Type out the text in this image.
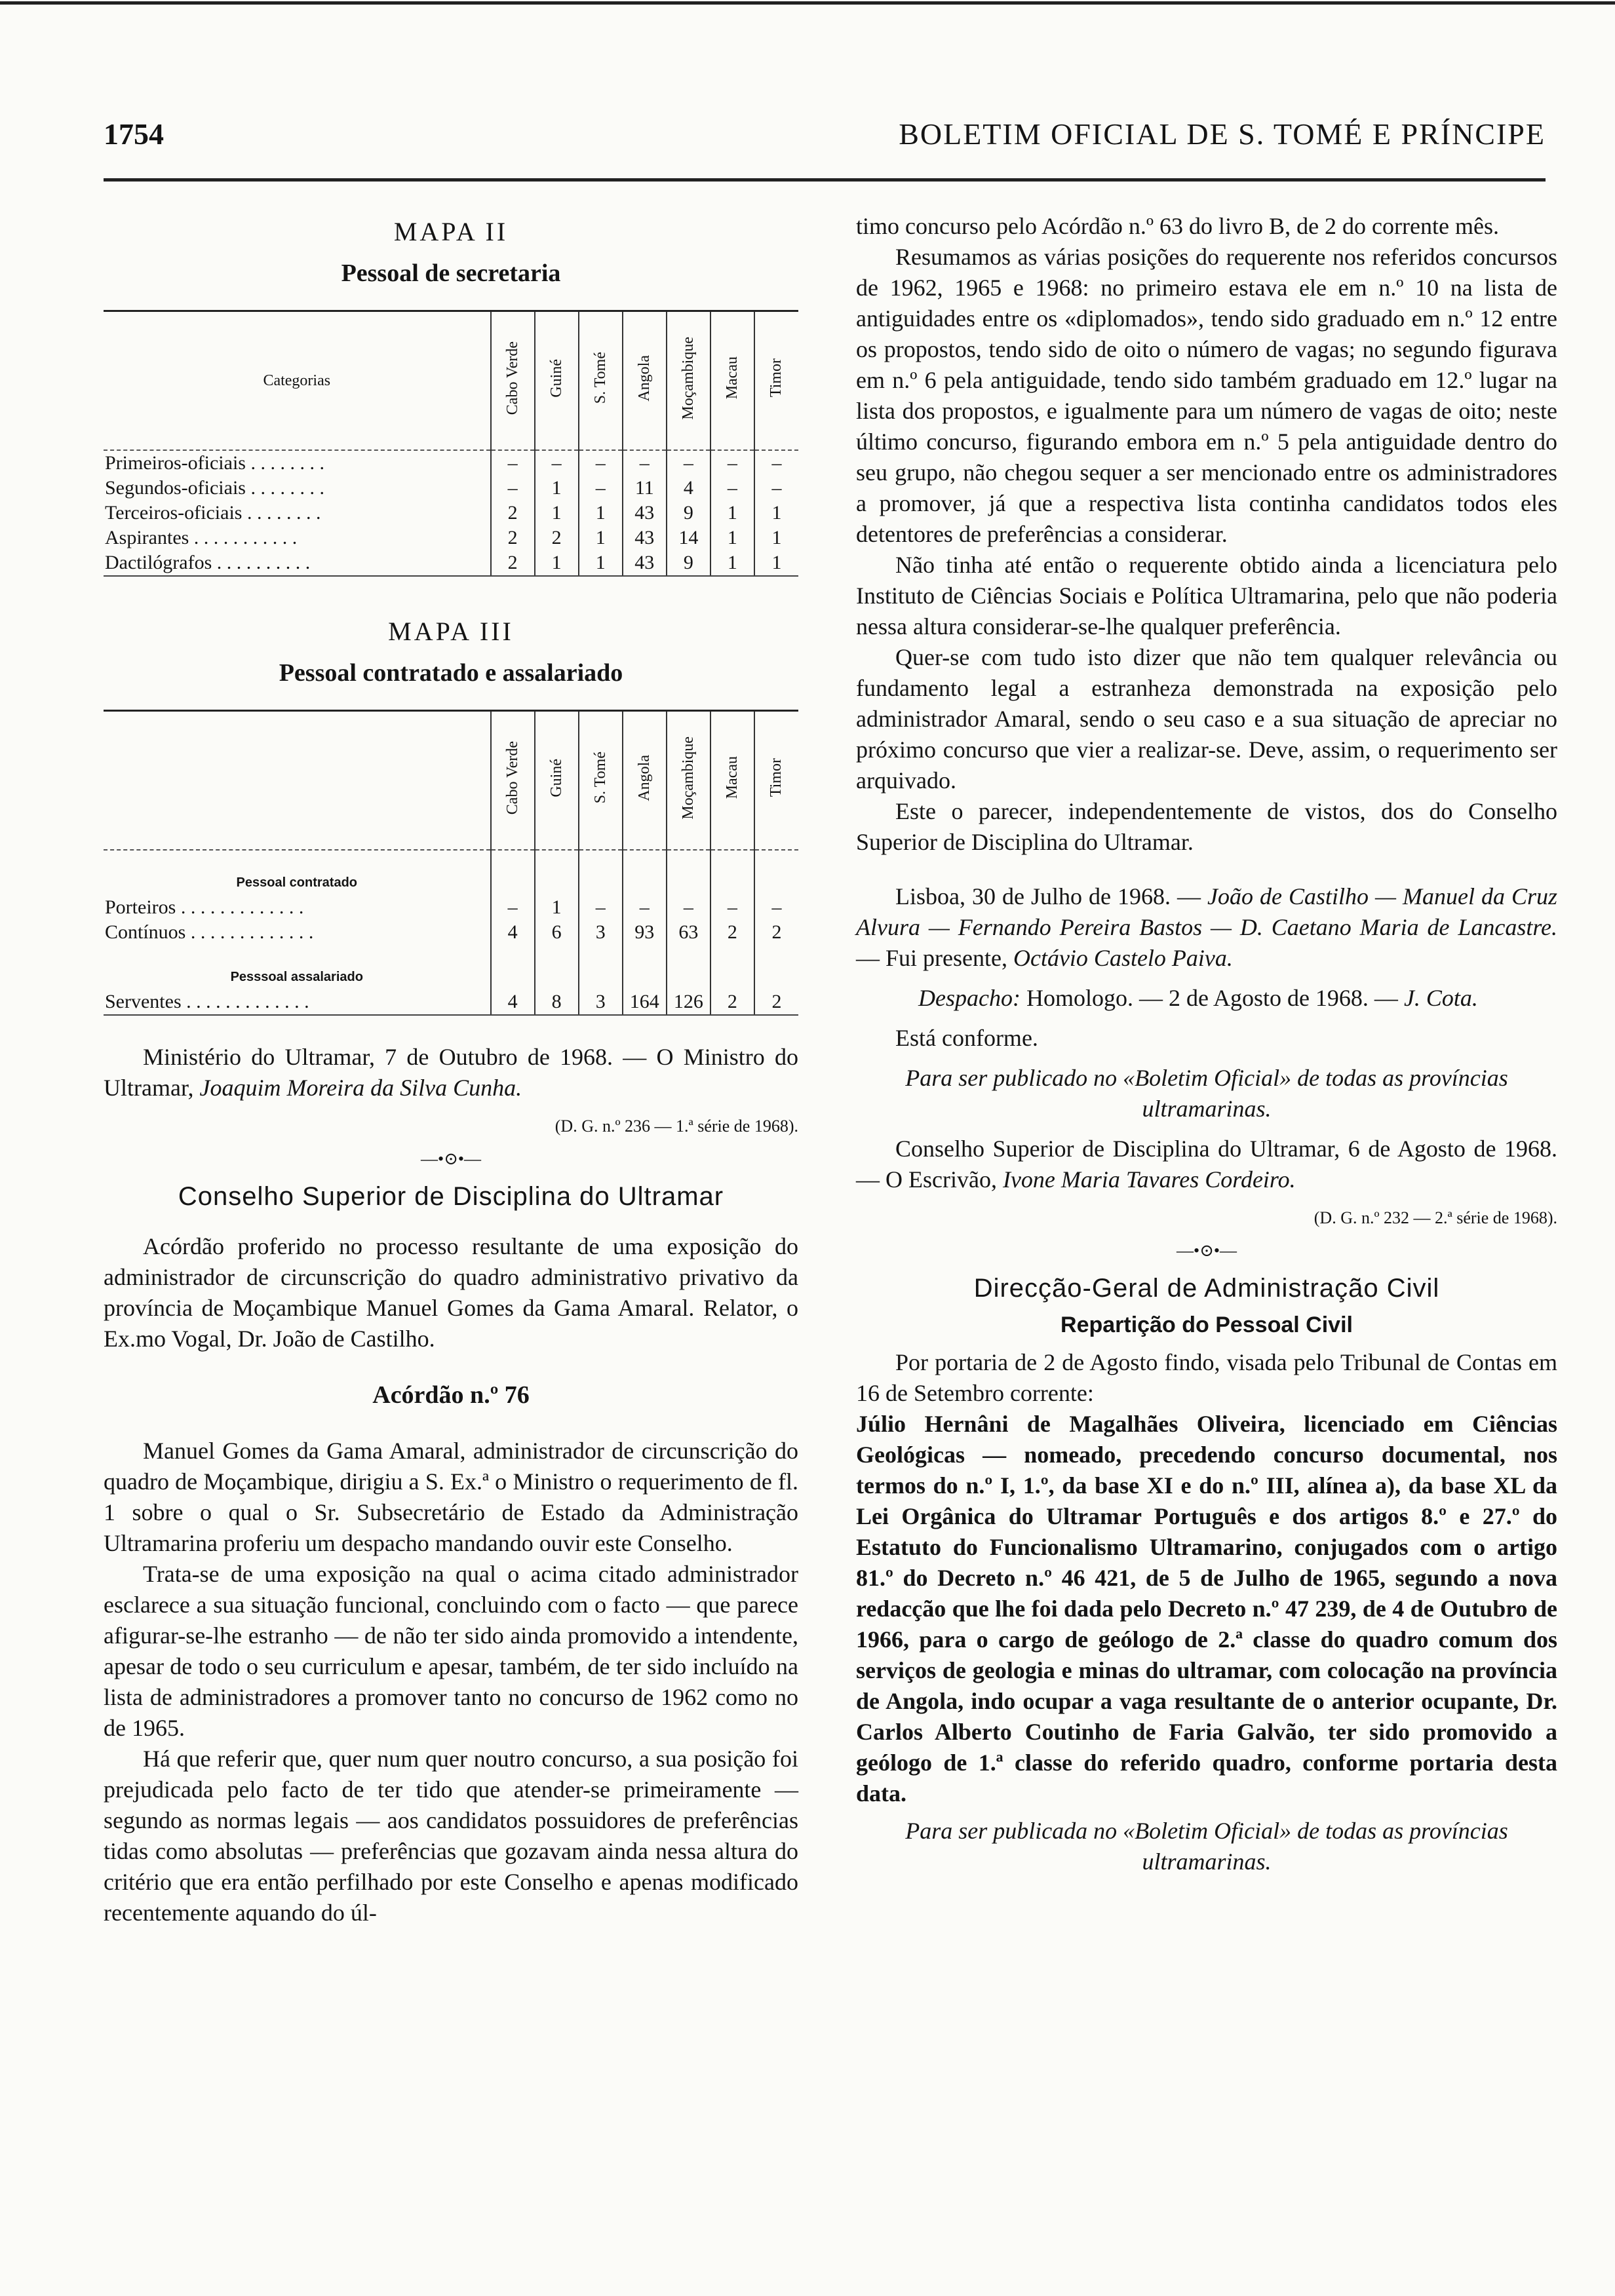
1754	BOLETIM OFICIAL DE S. TOMÉ E PRÍNCIPE
MAPA II
Pessoal de secretaria
Categorias	Cabo Verde	Guiné	S. Tomé	Angola	Moçambique	Macau	Timor
Primeiros-oficiais . . . . . . . .	–	–	–	–	–	–	–
Segundos-oficiais . . . . . . . .	–	1	–	11	4	–	–
Terceiros-oficiais . . . . . . . .	2	1	1	43	9	1	1
Aspirantes . . . . . . . . . . .	2	2	1	43	14	1	1
Dactilógrafos . . . . . . . . . .	2	1	1	43	9	1	1
MAPA III
Pessoal contratado e assalariado
	Cabo Verde	Guiné	S. Tomé	Angola	Moçambique	Macau	Timor
Pessoal contratado							
Porteiros . . . . . . . . . . . . .	–	1	–	–	–	–	–
Contínuos . . . . . . . . . . . . .	4	6	3	93	63	2	2
Pesssoal assalariado							
Serventes . . . . . . . . . . . . .	4	8	3	164	126	2	2

Ministério do Ultramar, 7 de Outubro de 1968. — O Ministro do Ultramar, Joaquim Moreira da Silva Cunha.

(D. G. n.º 236 — 1.ª série de 1968).
—•⊙•—
Conselho Superior de Disciplina do Ultramar

Acórdão proferido no processo resultante de uma exposição do administrador de circunscrição do quadro administrativo privativo da província de Moçambique Manuel Gomes da Gama Amaral. Relator, o Ex.mo Vogal, Dr. João de Castilho.

Acórdão n.º 76

Manuel Gomes da Gama Amaral, administrador de circunscrição do quadro de Moçambique, dirigiu a S. Ex.ª o Ministro o requerimento de fl. 1 sobre o qual o Sr. Subsecretário de Estado da Administração Ultramarina proferiu um despacho mandando ouvir este Conselho.

Trata-se de uma exposição na qual o acima citado administrador esclarece a sua situação funcional, concluindo com o facto — que parece afigurar-se-lhe estranho — de não ter sido ainda promovido a intendente, apesar de todo o seu curriculum e apesar, também, de ter sido incluído na lista de administradores a promover tanto no concurso de 1962 como no de 1965.

Há que referir que, quer num quer noutro concurso, a sua posição foi prejudicada pelo facto de ter tido que atender-se primeiramente — segundo as normas legais — aos candidatos possuidores de preferências tidas como absolutas — preferências que gozavam ainda nessa altura do critério que era então perfilhado por este Conselho e apenas modificado recentemente aquando do úl-

timo concurso pelo Acórdão n.º 63 do livro B, de 2 do corrente mês.

Resumamos as várias posições do requerente nos referidos concursos de 1962, 1965 e 1968: no primeiro estava ele em n.º 10 na lista de antiguidades entre os «diplomados», tendo sido graduado em n.º 12 entre os propostos, tendo sido de oito o número de vagas; no segundo figurava em n.º 6 pela antiguidade, tendo sido também graduado em 12.º lugar na lista dos propostos, e igualmente para um número de vagas de oito; neste último concurso, figurando embora em n.º 5 pela antiguidade dentro do seu grupo, não chegou sequer a ser mencionado entre os administradores a promover, já que a respectiva lista continha candidatos todos eles detentores de preferências a considerar.

Não tinha até então o requerente obtido ainda a licenciatura pelo Instituto de Ciências Sociais e Política Ultramarina, pelo que não poderia nessa altura considerar-se-lhe qualquer preferência.

Quer-se com tudo isto dizer que não tem qualquer relevância ou fundamento legal a estranheza demonstrada na exposição pelo administrador Amaral, sendo o seu caso e a sua situação de apreciar no próximo concurso que vier a realizar-se. Deve, assim, o requerimento ser arquivado.

Este o parecer, independentemente de vistos, dos do Conselho Superior de Disciplina do Ultramar.

Lisboa, 30 de Julho de 1968. — João de Castilho — Manuel da Cruz Alvura — Fernando Pereira Bastos — D. Caetano Maria de Lancastre. — Fui presente, Octávio Castelo Paiva.

Despacho: Homologo. — 2 de Agosto de 1968. — J. Cota.

Está conforme.

Para ser publicado no «Boletim Oficial» de todas as províncias ultramarinas.

Conselho Superior de Disciplina do Ultramar, 6 de Agosto de 1968. — O Escrivão, Ivone Maria Tavares Cordeiro.

(D. G. n.º 232 — 2.ª série de 1968).
—•⊙•—
Direcção-Geral de Administração Civil
Repartição do Pessoal Civil

Por portaria de 2 de Agosto findo, visada pelo Tribunal de Contas em 16 de Setembro corrente:

Júlio Hernâni de Magalhães Oliveira, licenciado em Ciências Geológicas — nomeado, precedendo concurso documental, nos termos do n.º I, 1.º, da base XI e do n.º III, alínea a), da base XL da Lei Orgânica do Ultramar Português e dos artigos 8.º e 27.º do Estatuto do Funcionalismo Ultramarino, conjugados com o artigo 81.º do Decreto n.º 46 421, de 5 de Julho de 1965, segundo a nova redacção que lhe foi dada pelo Decreto n.º 47 239, de 4 de Outubro de 1966, para o cargo de geólogo de 2.ª classe do quadro comum dos serviços de geologia e minas do ultramar, com colocação na província de Angola, indo ocupar a vaga resultante de o anterior ocupante, Dr. Carlos Alberto Coutinho de Faria Galvão, ter sido promovido a geólogo de 1.ª classe do referido quadro, conforme portaria desta data.

Para ser publicada no «Boletim Oficial» de todas as províncias ultramarinas.
